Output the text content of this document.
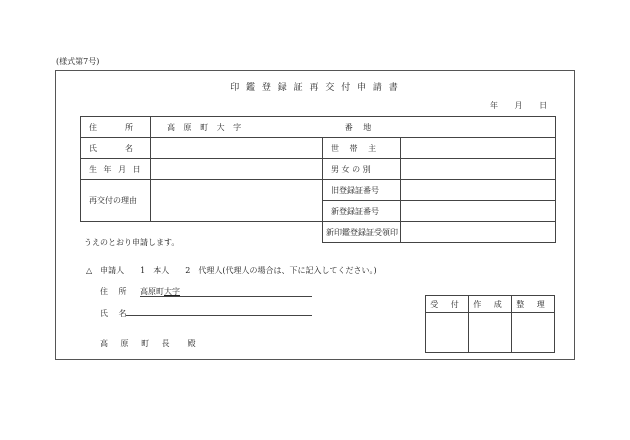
(様式第7号)
印 鑑 登 録 証 再 交 付 申 請 書
年 月 日
住　　所	高 原 町 大 字 番 地		
氏　　名		世 帯 主	
生 年 月 日		男 女 の 別	
再交付の理由		旧登録証番号	
		新登録証番号	
		新印鑑登録証受領印	
うえのとおり申請します。
△　申請人　　1　本人　　2　代理人(代理人の場合は、下に記入してください。)
住 所 高原町大字
氏 名
高 原 町 長　殿
受 付	作 成	整 理
